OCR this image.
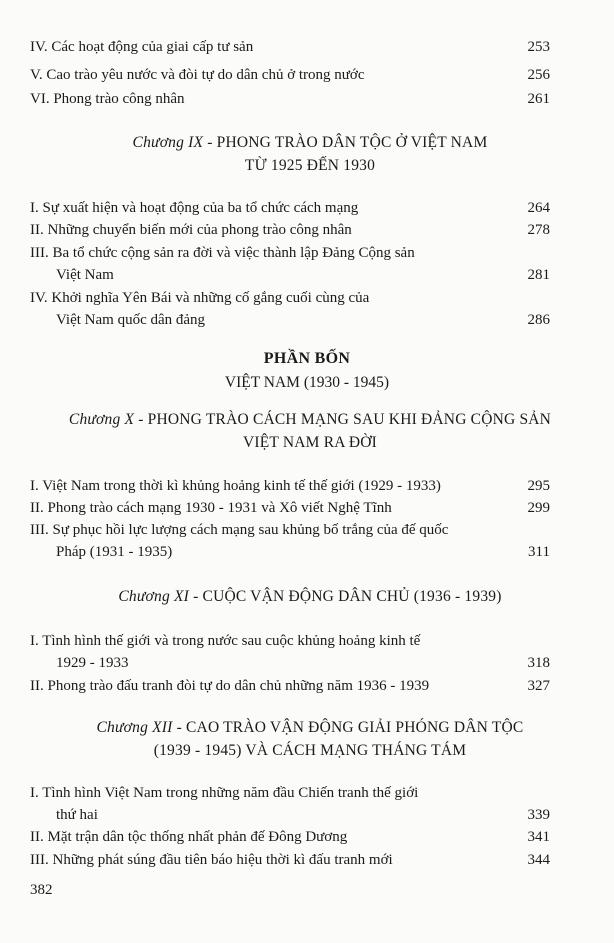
IV. Các hoạt động của giai cấp tư sản	253
V. Cao trào yêu nước và đòi tự do dân chủ ở trong nước	256
VI. Phong trào công nhân	261
Chương IX - PHONG TRÀO DÂN TỘC Ở VIỆT NAM
TỪ 1925 ĐẾN 1930
I. Sự xuất hiện và hoạt động của ba tổ chức cách mạng	264
II. Những chuyển biến mới của phong trào công nhân	278
III. Ba tổ chức cộng sản ra đời và việc thành lập Đảng Cộng sản
Việt Nam	281
IV. Khởi nghĩa Yên Bái và những cố gắng cuối cùng của
Việt Nam quốc dân đảng	286
PHẦN BỐN
VIỆT NAM (1930 - 1945)
Chương X - PHONG TRÀO CÁCH MẠNG SAU KHI ĐẢNG CỘNG SẢN
VIỆT NAM RA ĐỜI
I. Việt Nam trong thời kì khủng hoảng kinh tế thế giới (1929 - 1933)	295
II. Phong trào cách mạng 1930 - 1931 và Xô viết Nghệ Tĩnh	299
III. Sự phục hồi lực lượng cách mạng sau khủng bố trắng của đế quốc
Pháp (1931 - 1935)	311
Chương XI - CUỘC VẬN ĐỘNG DÂN CHỦ (1936 - 1939)
I. Tình hình thế giới và trong nước sau cuộc khủng hoảng kinh tế
1929 - 1933	318
II. Phong trào đấu tranh đòi tự do dân chủ những năm 1936 - 1939	327
Chương XII - CAO TRÀO VẬN ĐỘNG GIẢI PHÓNG DÂN TỘC
(1939 - 1945) VÀ CÁCH MẠNG THÁNG TÁM
I. Tình hình Việt Nam trong những năm đầu Chiến tranh thế giới
thứ hai	339
II. Mặt trận dân tộc thống nhất phản đế Đông Dương	341
III. Những phát súng đầu tiên báo hiệu thời kì đấu tranh mới	344
382
